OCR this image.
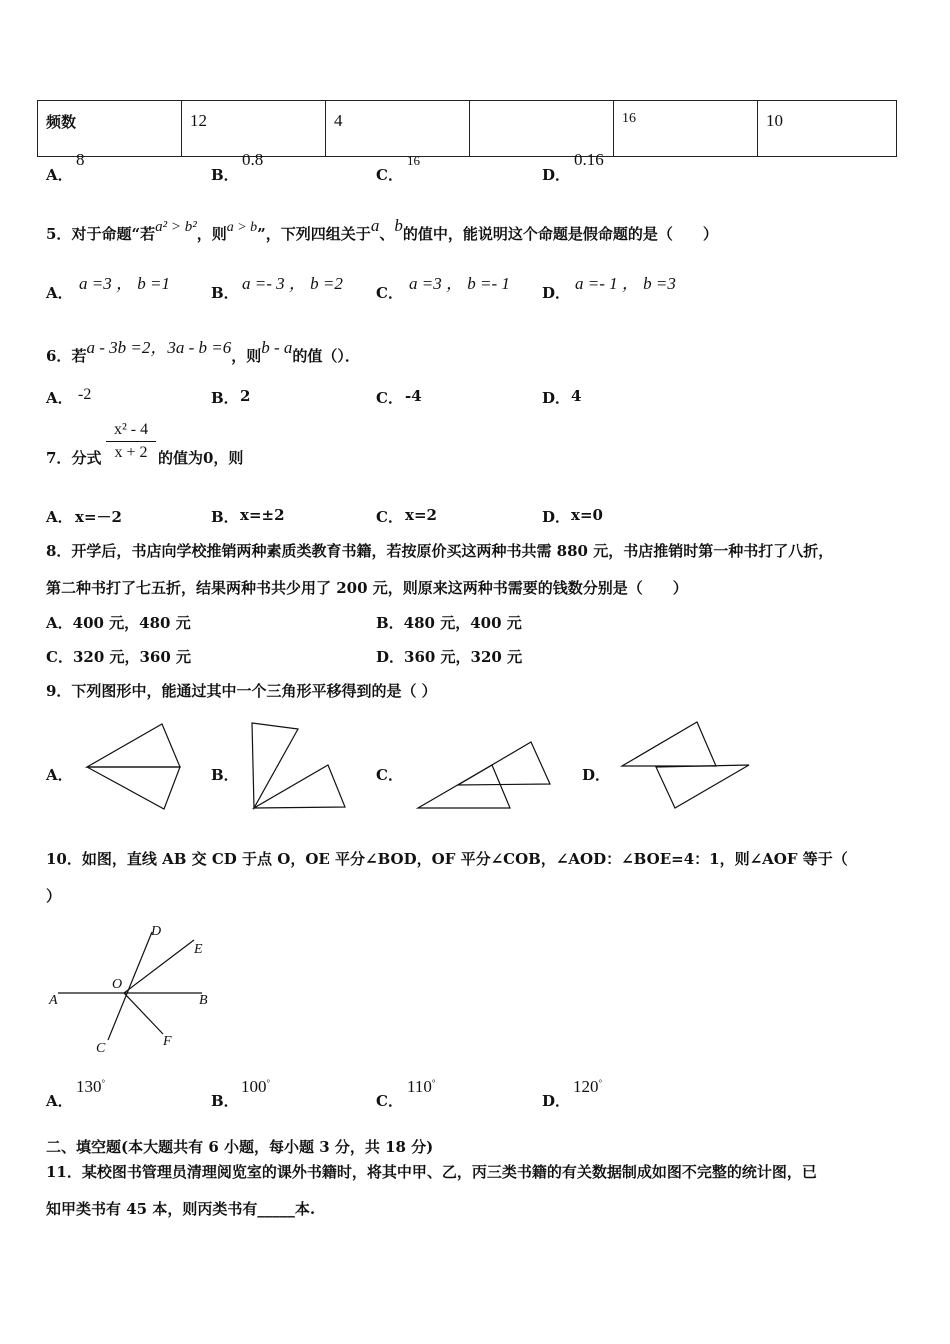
频数	12	4		16	10
A．
8
B．
0.8
C．
16
D．
0.16
5．对于命题“若a² > b²，则a > b”，下列四组关于a、b的值中，能说明这个命题是假命题的是（　　）
A． a =3 ， b =1	B． a =- 3 ， b =2 C． a =3 ， b =- 1 D． a =- 1 ， b =3
6．若a - 3b =2，3a - b =6，则b - a的值（）．
A． -2	B． 2	C． -4	D． 4
7．分式 $\frac{\text{x² - 4}}{x + 2}$ 的值为0，则
A． x=－2	B． x=±2	C． x=2	D． x=0
8．开学后，书店向学校推销两种素质类教育书籍，若按原价买这两种书共需 880 元，书店推销时第一种书打了八折，
第二种书打了七五折，结果两种书共少用了 200 元，则原来这两种书需要的钱数分别是（　　）
A．400 元，480 元	B．480 元，400 元
C．320 元，360 元	D．360 元，320 元
9．下列图形中，能通过其中一个三角形平移得到的是（ ）
A．	B．	C．	D．
10．如图，直线 AB 交 CD 于点 O，OE 平分∠BOD，OF 平分∠COB，∠AOD：∠BOE=4：1，则∠AOF 等于（
）
A	B
C
D
E
F
O
A．
130°
B．
100°
C．
110°
D．
120°
二、填空题(本大题共有 6 小题，每小题 3 分，共 18 分)
11．某校图书管理员清理阅览室的课外书籍时，将其中甲、乙，丙三类书籍的有关数据制成如图不完整的统计图，已
知甲类书有 45 本，则丙类书有_____本.
